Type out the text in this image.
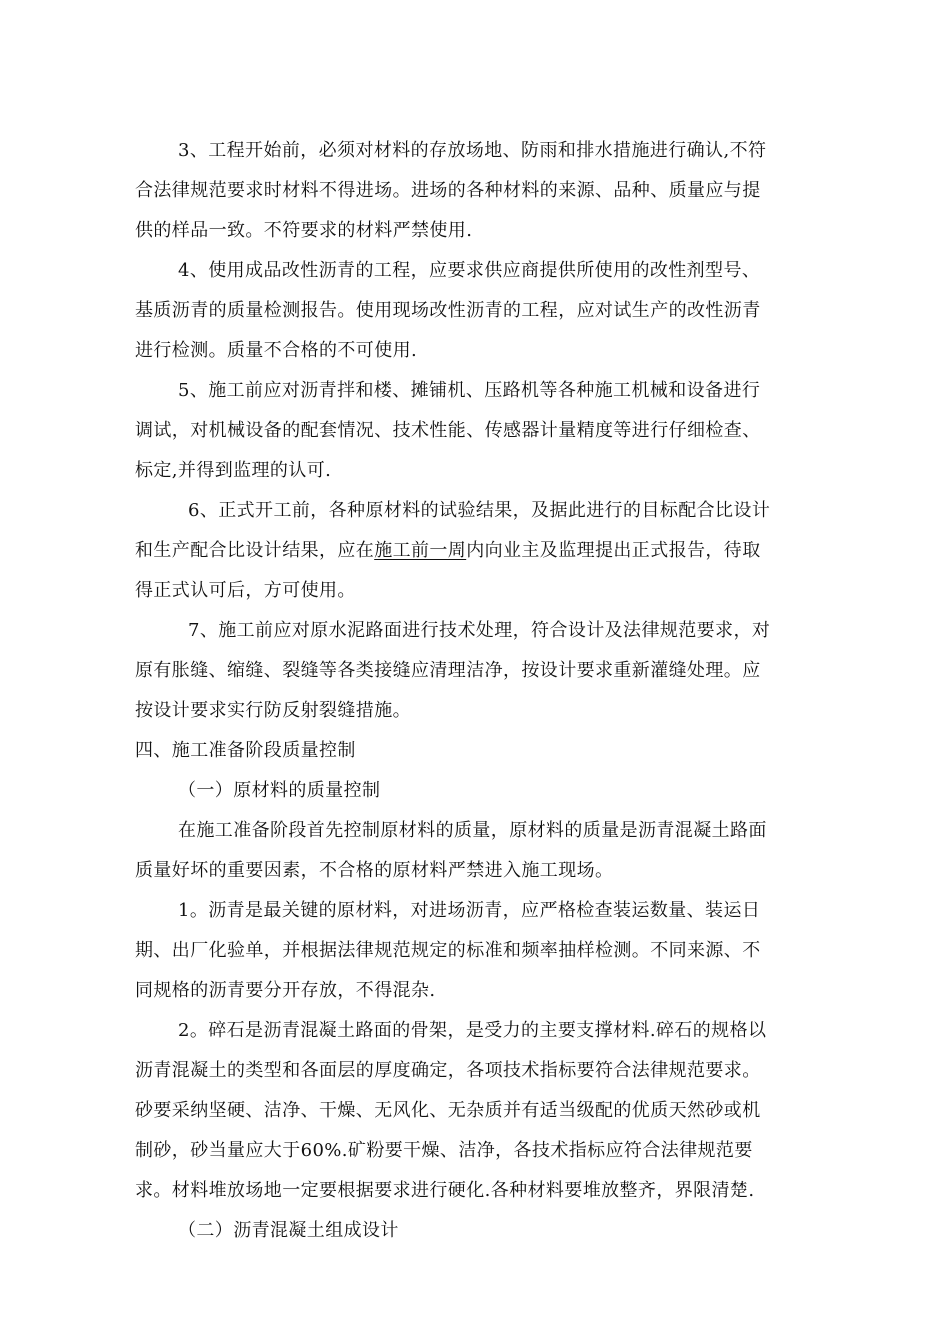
3、工程开始前，必须对材料的存放场地、防雨和排水措施进行确认,不符
合法律规范要求时材料不得进场。进场的各种材料的来源、品种、质量应与提
供的样品一致。不符要求的材料严禁使用.
4、使用成品改性沥青的工程，应要求供应商提供所使用的改性剂型号、
基质沥青的质量检测报告。使用现场改性沥青的工程，应对试生产的改性沥青
进行检测。质量不合格的不可使用.
5、施工前应对沥青拌和楼、摊铺机、压路机等各种施工机械和设备进行
调试，对机械设备的配套情况、技术性能、传感器计量精度等进行仔细检查、
标定,并得到监理的认可.
6、正式开工前，各种原材料的试验结果，及据此进行的目标配合比设计
和生产配合比设计结果，应在施工前一周内向业主及监理提出正式报告，待取
得正式认可后，方可使用。
7、施工前应对原水泥路面进行技术处理，符合设计及法律规范要求，对
原有胀缝、缩缝、裂缝等各类接缝应清理洁净，按设计要求重新灌缝处理。应
按设计要求实行防反射裂缝措施。
四、施工准备阶段质量控制
（一）原材料的质量控制
在施工准备阶段首先控制原材料的质量，原材料的质量是沥青混凝土路面
质量好坏的重要因素，不合格的原材料严禁进入施工现场。
1。沥青是最关键的原材料，对进场沥青，应严格检查装运数量、装运日
期、出厂化验单，并根据法律规范规定的标准和频率抽样检测。不同来源、不
同规格的沥青要分开存放，不得混杂.
2。碎石是沥青混凝土路面的骨架，是受力的主要支撑材料.碎石的规格以
沥青混凝土的类型和各面层的厚度确定，各项技术指标要符合法律规范要求。
砂要采纳坚硬、洁净、干燥、无风化、无杂质并有适当级配的优质天然砂或机
制砂，砂当量应大于60%.矿粉要干燥、洁净，各技术指标应符合法律规范要
求。材料堆放场地一定要根据要求进行硬化.各种材料要堆放整齐，界限清楚.
（二）沥青混凝土组成设计
